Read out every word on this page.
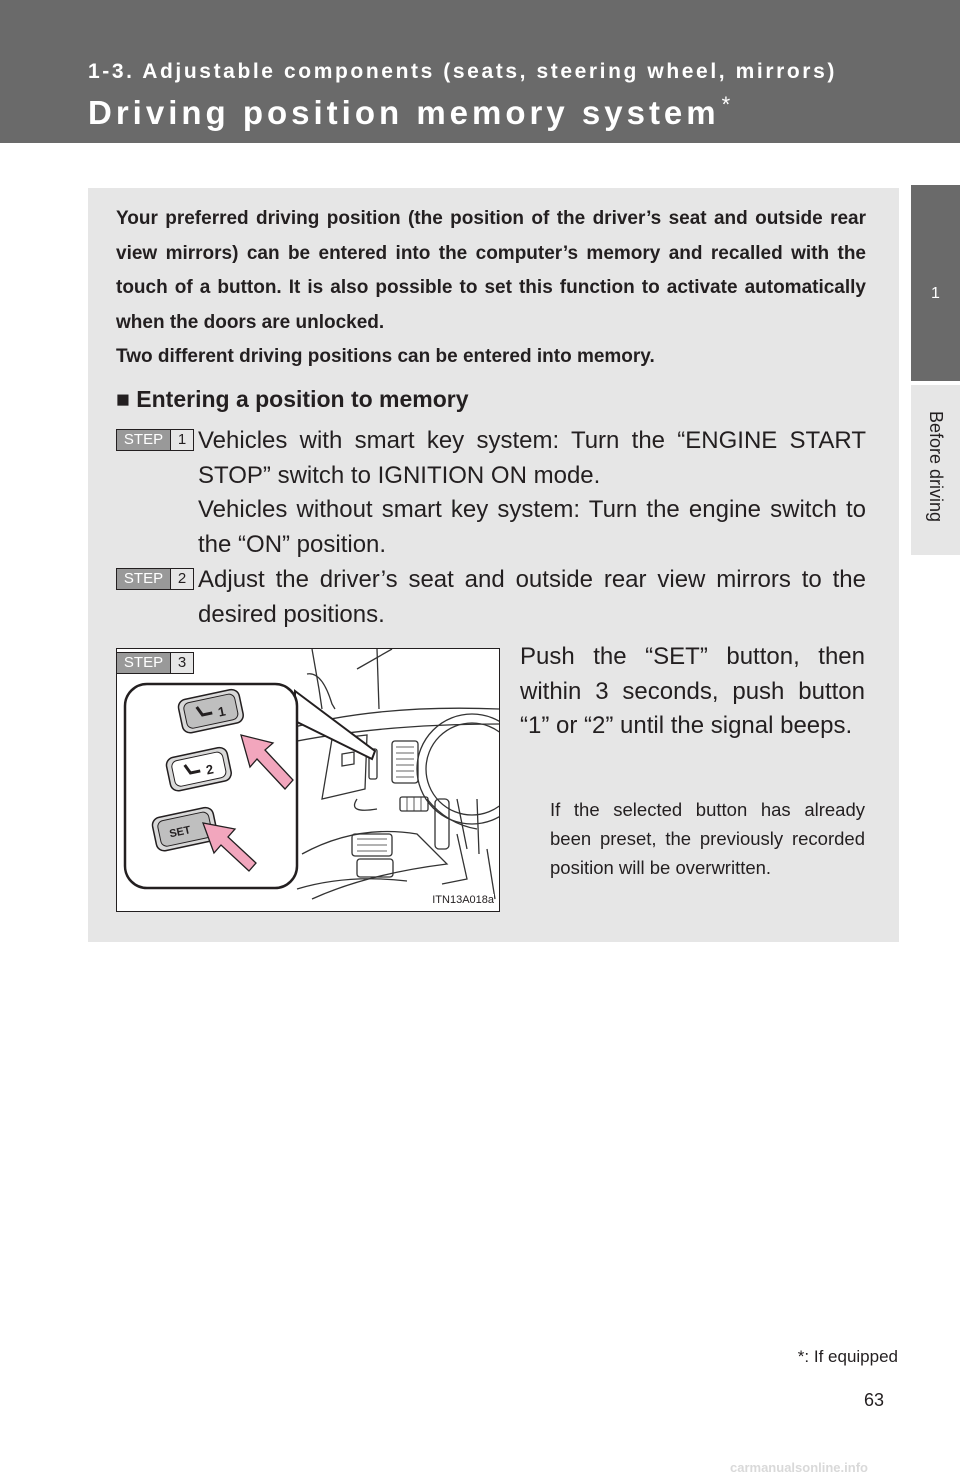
1-3. Adjustable components (seats, steering wheel, mirrors)
Driving position memory system*
1
Before driving

Your preferred driving position (the position of the driver’s seat and outside rear view mirrors) can be entered into the computer’s memory and recalled with the touch of a button. It is also possible to set this function to activate automatically when the doors are unlocked.

Two different driving positions can be entered into memory.

■ Entering a position to memory
STEP 1 Vehicles with smart key system: Turn the “ENGINE START STOP” switch to IGNITION ON mode.

Vehicles without smart key system: Turn the engine switch to the “ON” position.

STEP 2 Adjust the driver’s seat and outside rear view mirrors to the desired positions.

1
2
SET
ITN13A018a
STEP 3	Push the “SET” button, then within 3 seconds, push button “1” or “2” until the signal beeps.
If the selected button has already been preset, the previously recorded position will be overwritten.
*: If equipped
63
carmanualsonline.info
